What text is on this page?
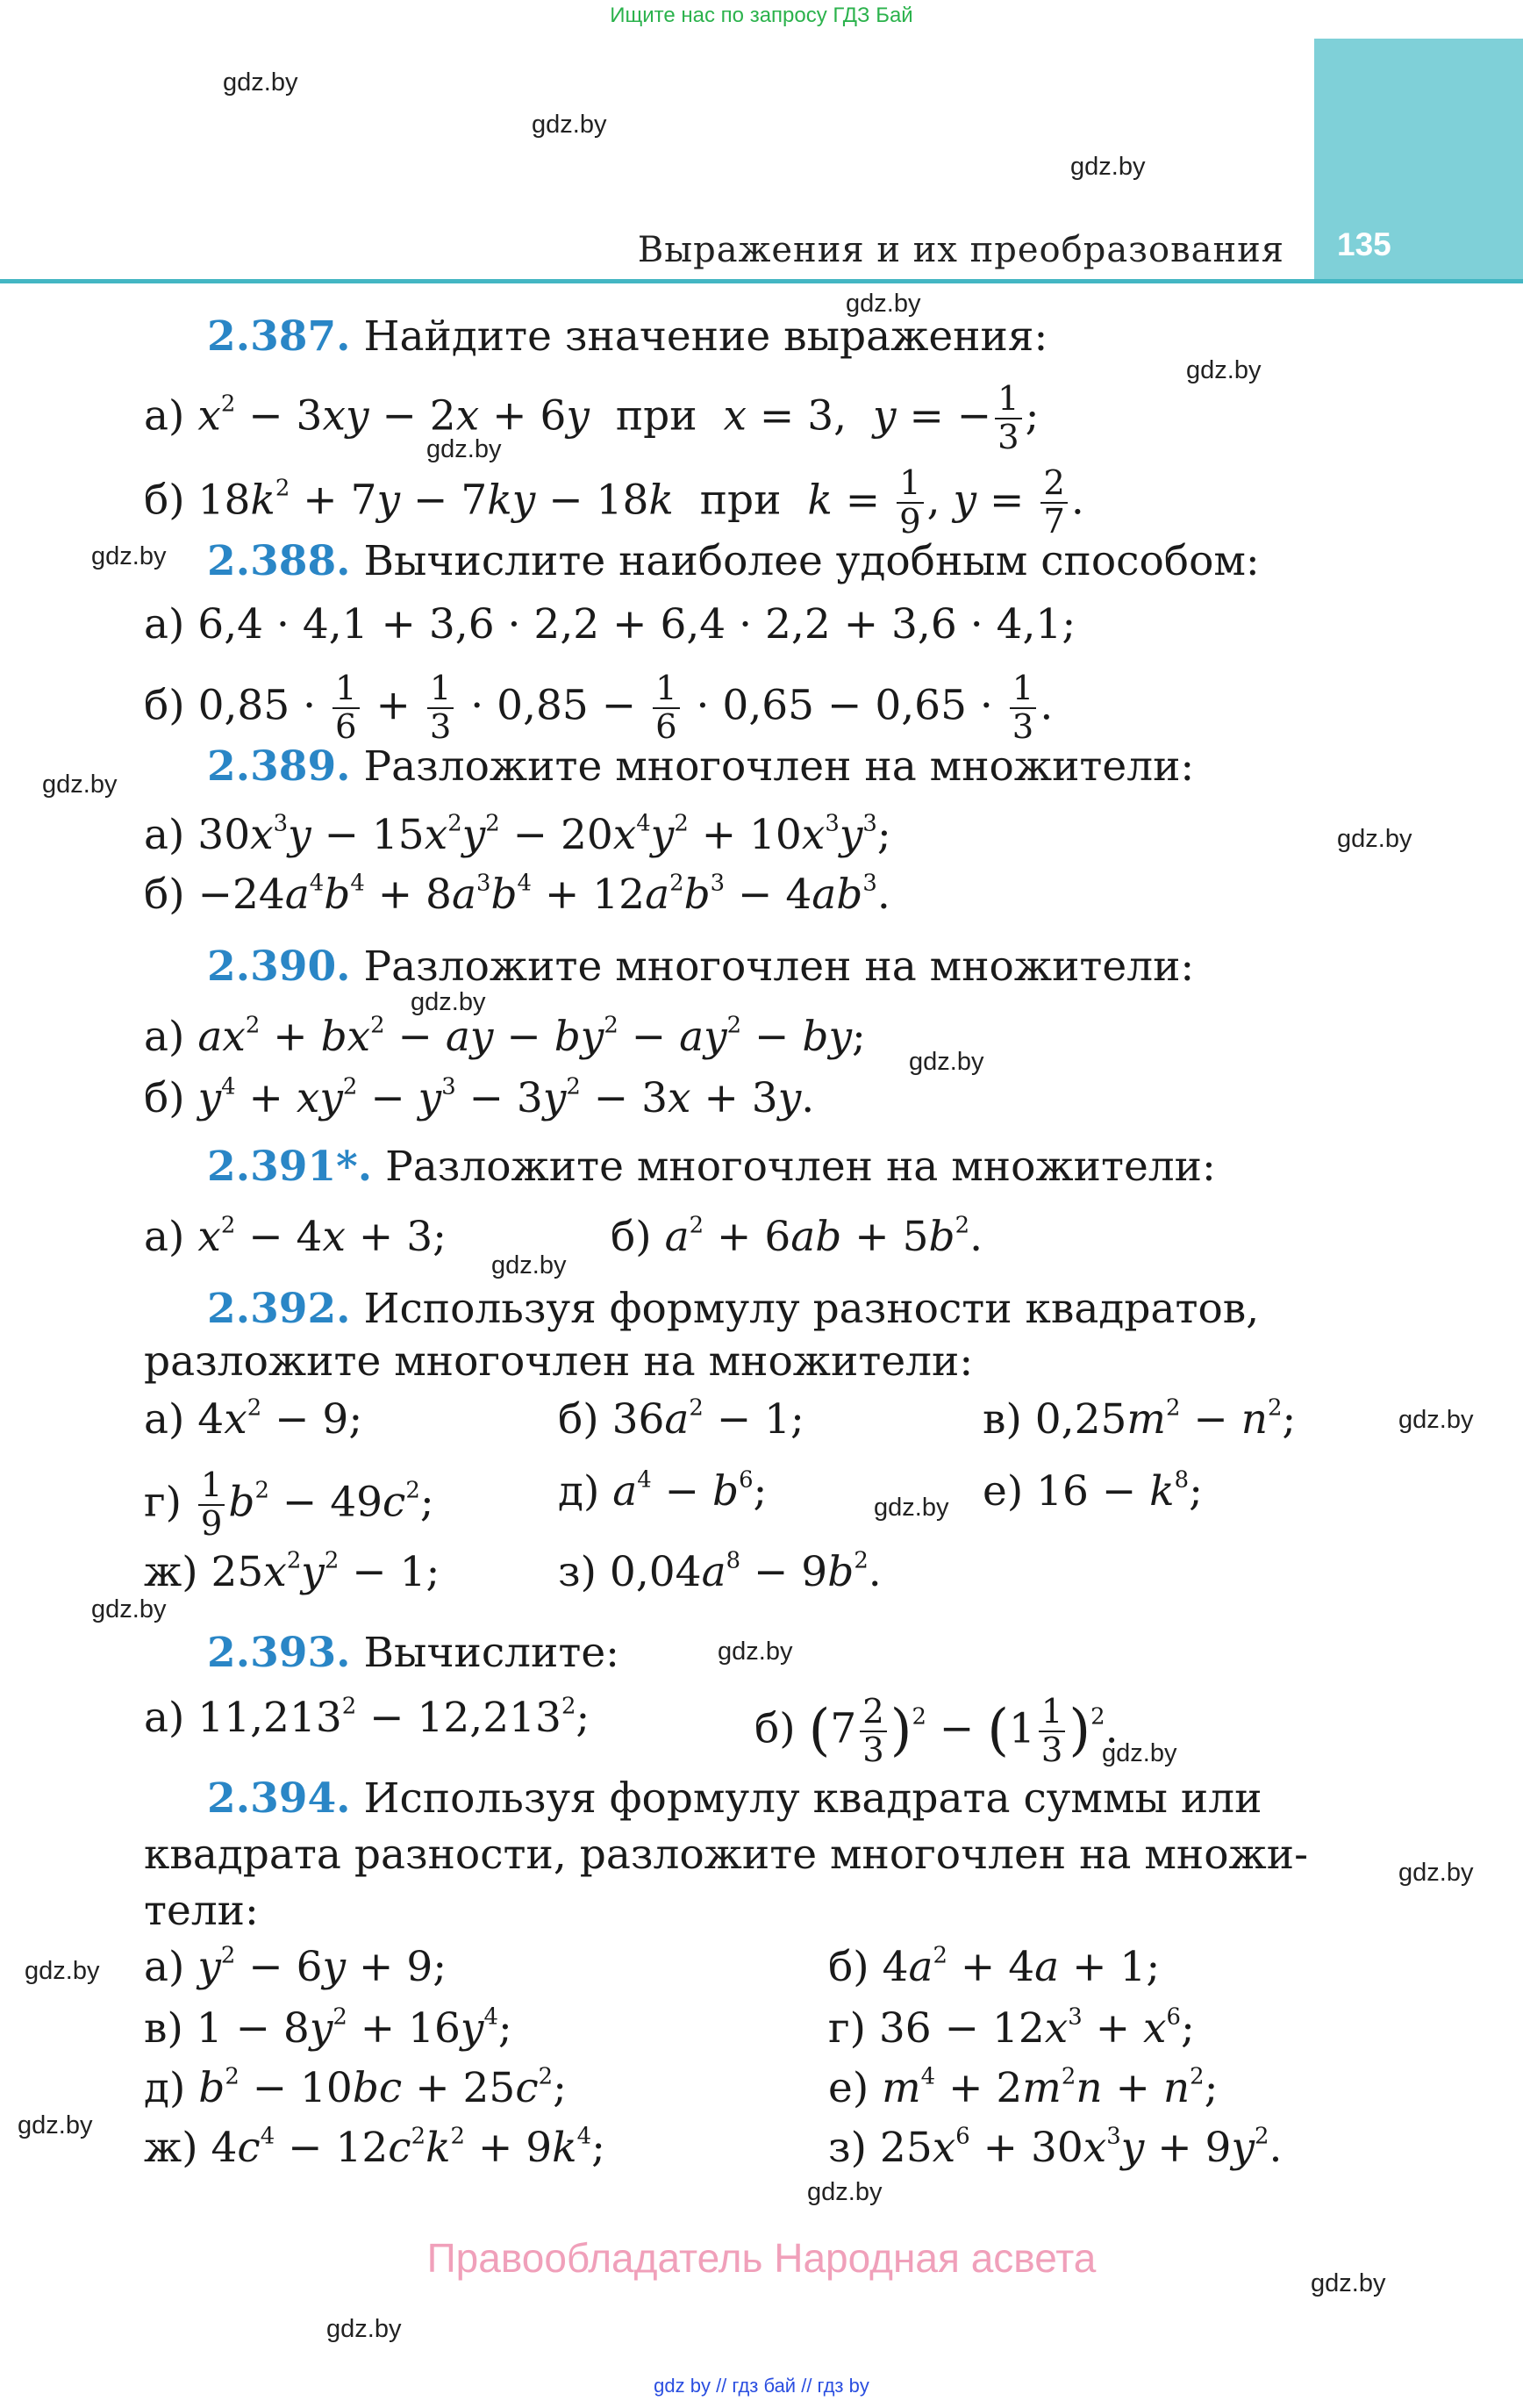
Ищите нас по запросу ГДЗ Бай
gdz.by
gdz.by
gdz.by
gdz.by
gdz.by
gdz.by
gdz.by
gdz.by
gdz.by
gdz.by
gdz.by
gdz.by
gdz.by
gdz.by
gdz.by
gdz.by
gdz.by
gdz.by
gdz.by
gdz.by
gdz.by
gdz.by
gdz.by
135
Выражения и их преобразования
2.387. Найдите значение выражения:
а) $x^2 - 3xy - 2x + 6y$  при  x = 3,  y = − $\frac{1}{3}$ ;
б) $18k^2 + 7y - 7ky - 18k$  при  $k = \frac{1}{9}$ , $y = \frac{2}{7}$ .
2.388. Вычислите наиболее удобным способом:
а) 6,4 · 4,1 + 3,6 · 2,2 + 6,4 · 2,2 + 3,6 · 4,1;
б) $0,85 \cdot \frac{1}{6} + \frac{1}{3} \cdot 0,85 - \frac{1}{6} \cdot 0,65 - 0,65 \cdot \frac{1}{3}$ .
2.389. Разложите многочлен на множители:
а) $30x^3y - 15x^2y^2 - 20x^4y^2 + 10x^3y^3$;
$б) -24a^4b^4 + 8a^3b^4 + 12a^2b^3 - 4ab^3$.
2.390. Разложите многочлен на множители:
а) $ax^2 + bx^2$ − ay − $by^2 - ay^2$ − by;
б) $y^4 + xy^2 - y^3 - 3y^2 - 3x + 3y$.
2.391*. Разложите многочлен на множители:
а) $x^2 - 4x + 3$;	б) $a^2 + 6ab + 5b^2$.
2.392. Используя формулу разности квадратов,
разложите многочлен на множители:
а) $4x^2 - 9$;	б) $36a^2 - 1$;	в) $0,25m^2 - n^2$;
$г) \frac{1}{9} b^2 - 49c^2$;	д) $a^4 - b^6$;	е) $16 - k^8$;
ж) $25x^2y^2 - 1$;	з) $0,04a^8 - 9b^2$.
2.393. Вычислите:
а) $11,213^2 - 12,213^2$;	б) $(7 \frac{2}{3} )^2 - (1 \frac{1}{3} )^2$.
2.394. Используя формулу квадрата суммы или
квадрата разности, разложите многочлен на множи-
тели:
а) $y^2 - 6y + 9$;	б) $4a^2 + 4a + 1$;
в) $1 - 8y^2 + 16y^4$;	г) $36 - 12x^3 + x^6$;
д) $b^2 - 10bc + 25c^2$;	е) $m^4 + 2m^2n + n^2$;
ж) $4c^4 - 12c^2k^2 + 9k^4$;	з) $25x^6 + 30x^3y + 9y^2$.
Правообладатель Народная асвета
gdz by // гдз бай // гдз by
